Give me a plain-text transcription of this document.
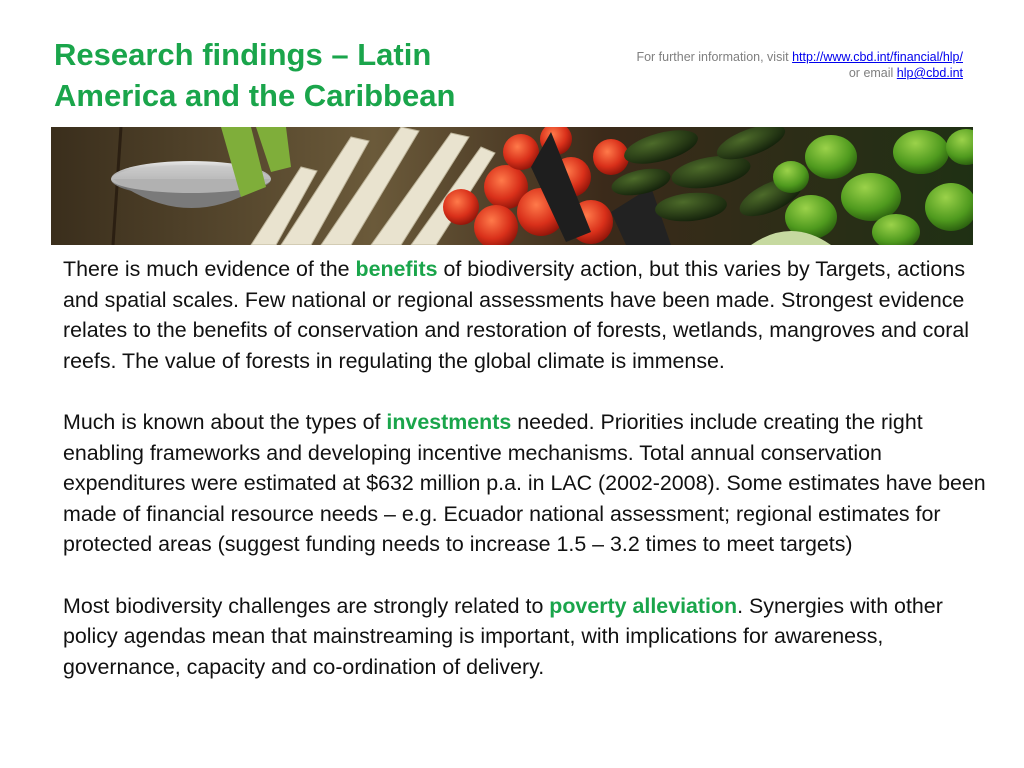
Research findings – Latin
America and the Caribbean
For further information, visit http://www.cbd.int/financial/hlp/
or email hlp@cbd.int

There is much evidence of the benefits of biodiversity action, but this varies by Targets, actions and spatial scales. Few national or regional assessments have been made. Strongest evidence relates to the benefits of conservation and restoration of forests, wetlands, mangroves and coral reefs. The value of forests in regulating the global climate is immense.

Much is known about the types of investments needed. Priorities include creating the right enabling frameworks and developing incentive mechanisms. Total annual conservation expenditures were estimated at $632 million p.a. in LAC (2002-2008). Some estimates have been made of financial resource needs – e.g. Ecuador national assessment; regional estimates for protected areas (suggest funding needs to increase 1.5 – 3.2 times to meet targets)

Most biodiversity challenges are strongly related to poverty alleviation. Synergies with other policy agendas mean that mainstreaming is important, with implications for awareness, governance, capacity and co-ordination of delivery.
